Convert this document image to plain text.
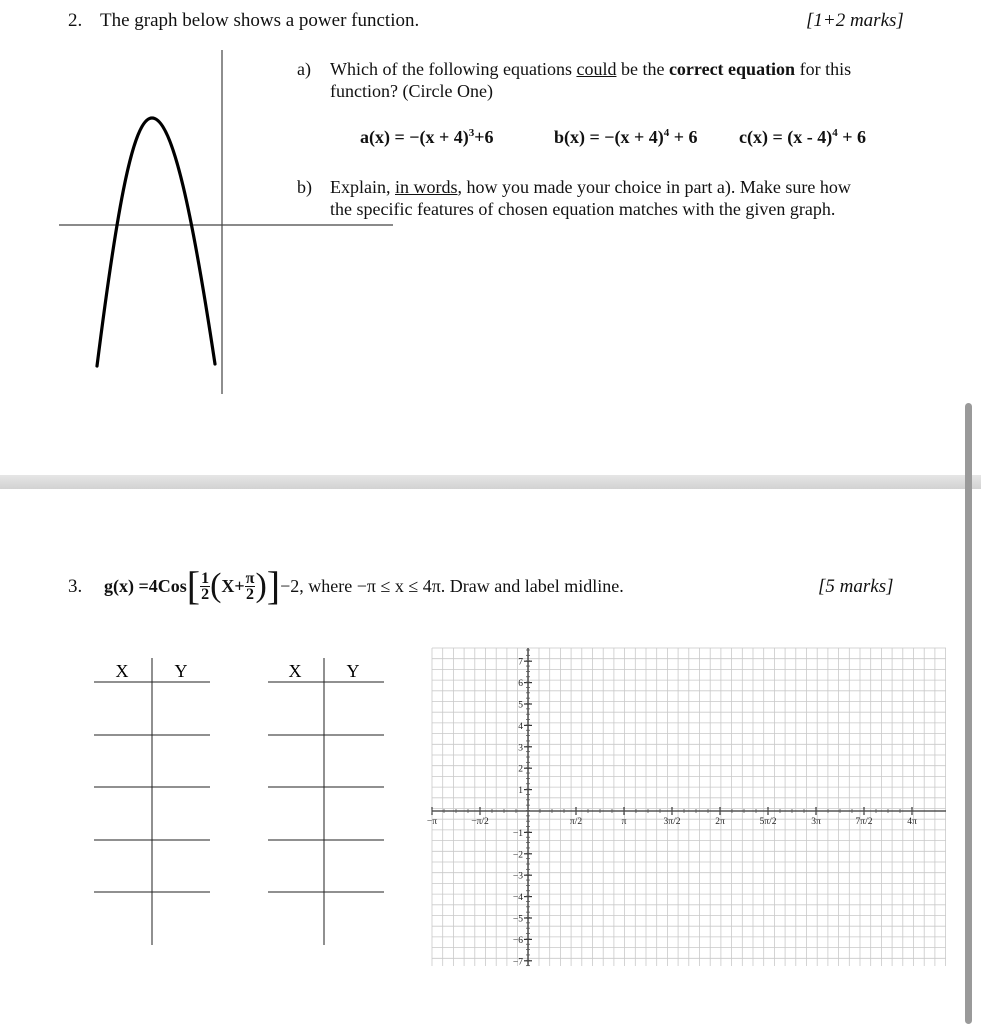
2. The graph below shows a power function.	[1+2 marks]
a) Which of the following equations could be the correct equation for this
function? (Circle One)
$a(x) = -(x + 4)^3+6$	$b(x) = -(x + 4)^4 + 6$ c(x) = (x - 4)$^4$ + 6
b) Explain, in words, how you made your choice in part a). Make sure how
the specific features of chosen equation matches with the given graph.
3. g(x) =4Cos [ $\frac{1}{2}$ ( $X+ \frac{\pi}{2}$ ) ] −2, where −π ≤ x ≤ 4π. Draw and label midline.	[5 marks]
X	Y	X	Y
−π	−π/2	π/2	π	3π/2	2π	5π/2	3π	7π/2	4π
7
6
5
4
3
2
1
−1
−2
−3
−4
−5
−6
−7
